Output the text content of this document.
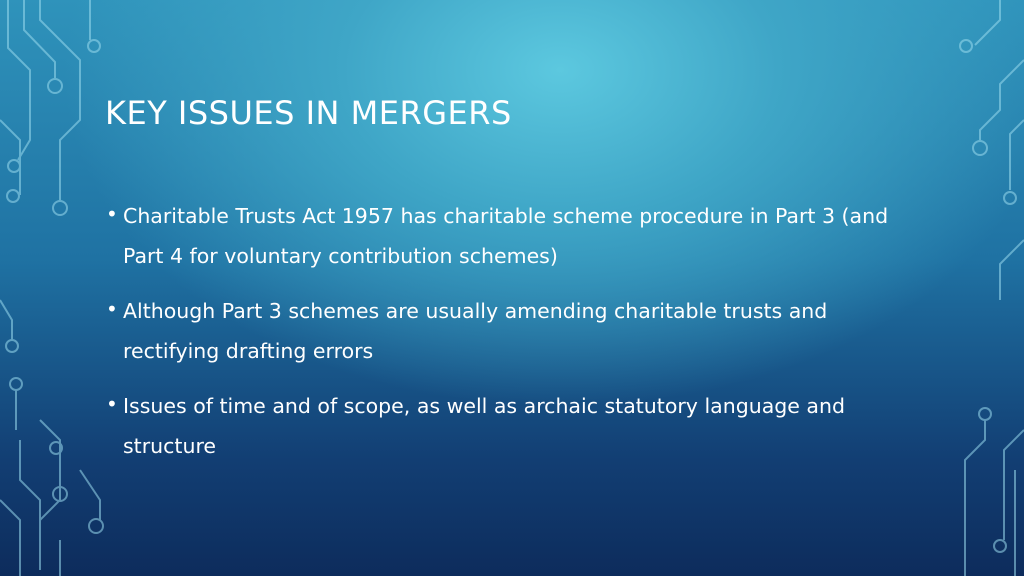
KEY ISSUES IN MERGERS
• Charitable Trusts Act 1957 has charitable scheme procedure in Part 3 (and Part 4 for voluntary contribution schemes)
• Although Part 3 schemes are usually amending charitable trusts and rectifying drafting errors
• Issues of time and of scope, as well as archaic statutory language and structure
